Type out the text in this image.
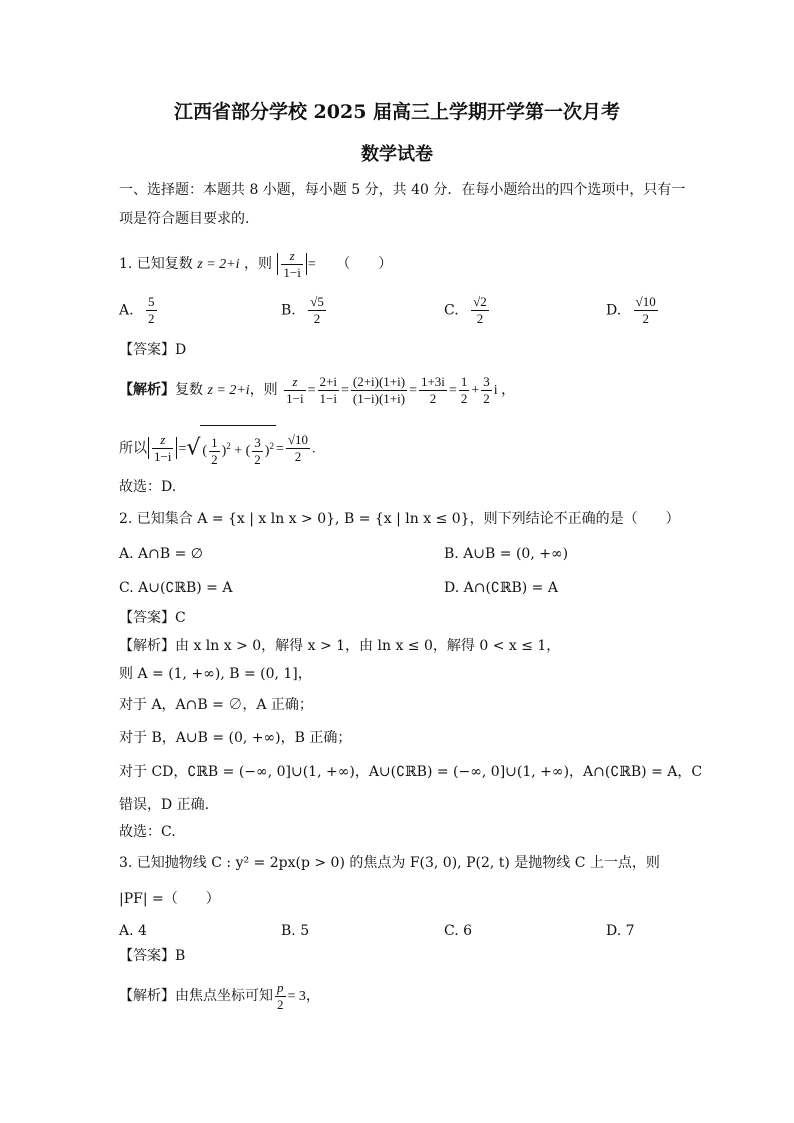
江西省部分学校 2025 届高三上学期开学第一次月考
数学试卷
一、选择题：本题共 8 小题，每小题 5 分，共 40 分．在每小题给出的四个选项中，只有一
项是符合题目要求的.
1. 已知复数 z = 2+i ，则 $\frac{z}{1-i}$ = （　　）
A. $\frac{5}{2}$	B. $\frac{√5}{2}$	C. $\frac{√2}{2}$	D. $\frac{√10}{2}$
【答案】D
【解析】复数 z = 2+i，则 $\frac{z}{1-i} = \frac{2+i}{1-i} = \frac{(2+i)(1+i)}{(1-i)(1+i)} = \frac{1+3i}{2} = \frac{1}{2} + \frac{3}{2}$ i ，
所以 $\frac{z}{1-i}$ =√ ( $\frac{1}{2} )^2$ + ( $\frac{3}{2} )^2 = \frac{√10}{2}$ .
故选：D.
2. 已知集合 A = {x | x ln x > 0}, B = {x | ln x ≤ 0}，则下列结论不正确的是（　　）
A. A∩B = ∅	B. A∪B = (0, +∞)
C. A∪(∁ℝB) = A	D. A∩(∁ℝB) = A
【答案】C
【解析】由 x ln x > 0，解得 x > 1，由 ln x ≤ 0，解得 0 < x ≤ 1，
则 A = (1, +∞), B = (0, 1]，
对于 A，A∩B = ∅，A 正确；
对于 B，A∪B = (0, +∞)，B 正确；
对于 CD，∁ℝB = (−∞, 0]∪(1, +∞)，A∪(∁ℝB) = (−∞, 0]∪(1, +∞)，A∩(∁ℝB) = A，C
错误，D 正确.
故选：C.
3. 已知抛物线 C : y² = 2px(p > 0) 的焦点为 F(3, 0), P(2, t) 是抛物线 C 上一点，则
|PF| =（　　）
A. 4	B. 5	C. 6	D. 7
【答案】B
【解析】由焦点坐标可知 $\frac{p}{2} = 3$，
